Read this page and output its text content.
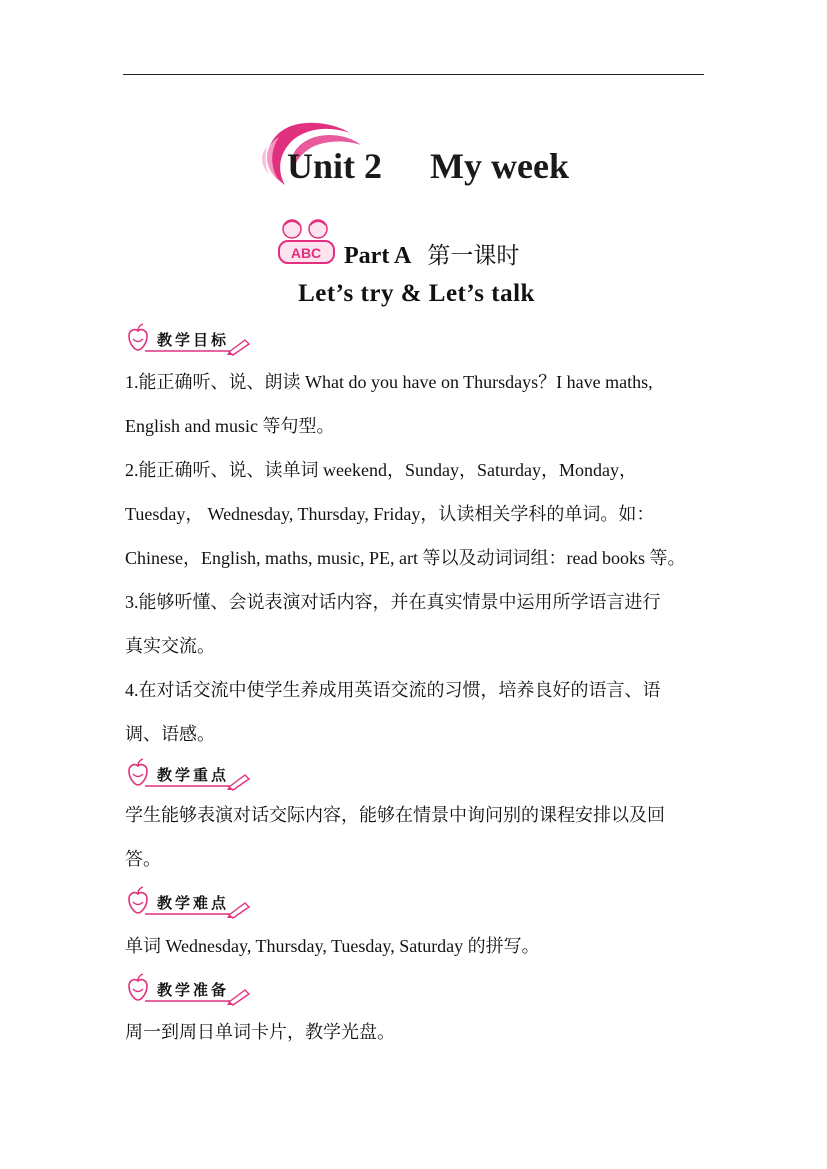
Unit 2 My week
ABC Part A 第一课时
Let’s try & Let’s talk
教学目标
1.能正确听、说、朗读 What do you have on Thursdays？I have maths,
English and music 等句型。
2.能正确听、说、读单词 weekend，Sunday，Saturday，Monday，
Tuesday， Wednesday, Thursday, Friday，认读相关学科的单词。如：
Chinese，English, maths, music, PE, art 等以及动词词组：read books 等。
3.能够听懂、会说表演对话内容，并在真实情景中运用所学语言进行
真实交流。
4.在对话交流中使学生养成用英语交流的习惯，培养良好的语言、语
调、语感。
教学重点
学生能够表演对话交际内容，能够在情景中询问别的课程安排以及回
答。
教学难点
单词 Wednesday, Thursday, Tuesday, Saturday 的拼写。
教学准备
周一到周日单词卡片，教学光盘。
